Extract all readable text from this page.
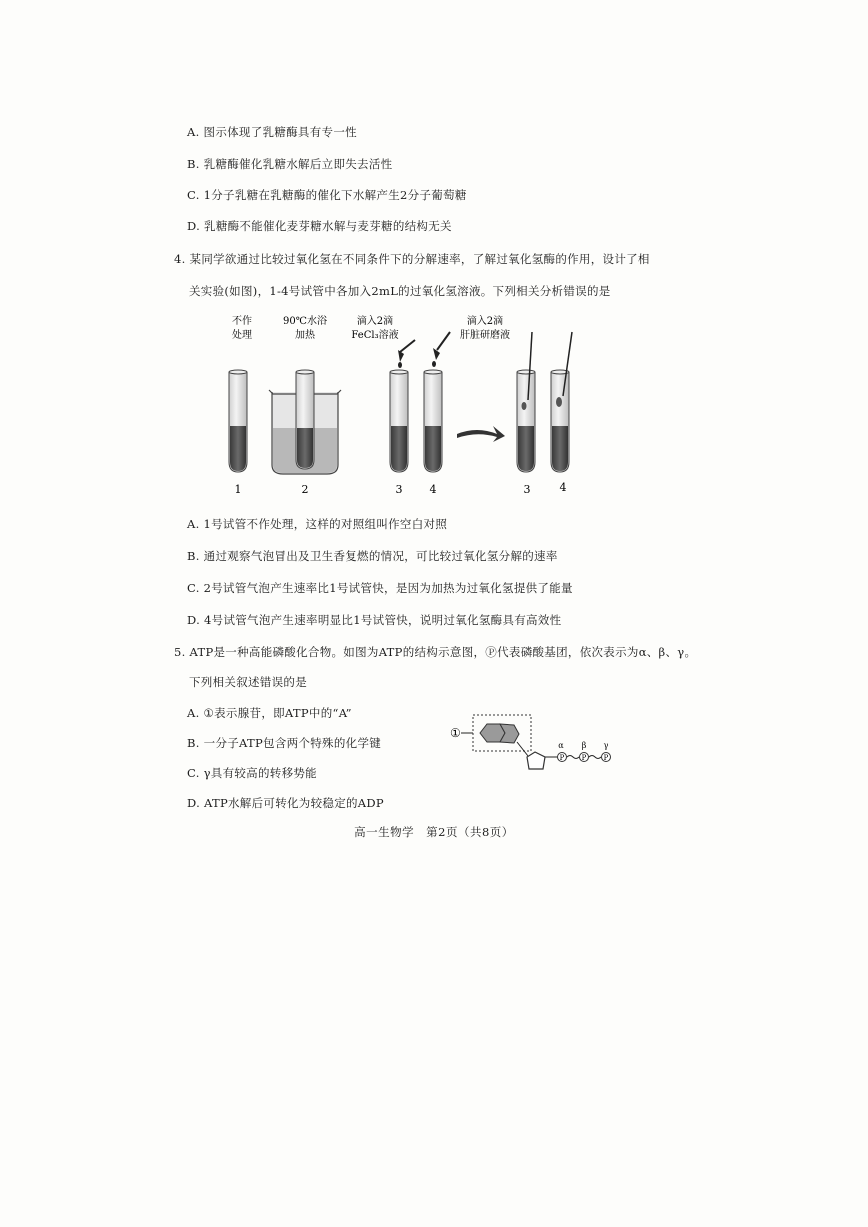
A. 图示体现了乳糖酶具有专一性
B. 乳糖酶催化乳糖水解后立即失去活性
C. 1分子乳糖在乳糖酶的催化下水解产生2分子葡萄糖
D. 乳糖酶不能催化麦芽糖水解与麦芽糖的结构无关
4. 某同学欲通过比较过氧化氢在不同条件下的分解速率，了解过氧化氢酶的作用，设计了相
关实验(如图)，1-4号试管中各加入2mL的过氧化氢溶液。下列相关分析错误的是
不作
处理
90℃水浴
加热
滴入2滴
FeCl₃溶液
滴入2滴
肝脏研磨液
1	2	3 4	3	4
A. 1号试管不作处理，这样的对照组叫作空白对照
B. 通过观察气泡冒出及卫生香复燃的情况，可比较过氧化氢分解的速率
C. 2号试管气泡产生速率比1号试管快，是因为加热为过氧化氢提供了能量
D. 4号试管气泡产生速率明显比1号试管快，说明过氧化氢酶具有高效性
5. ATP是一种高能磷酸化合物。如图为ATP的结构示意图，Ⓟ代表磷酸基团，依次表示为α、β、γ。
下列相关叙述错误的是
A. ①表示腺苷，即ATP中的“A”
B. 一分子ATP包含两个特殊的化学键
C. γ具有较高的转移势能
D. ATP水解后可转化为较稳定的ADP
①
α
P
β
P
γ
P
高一生物学　第2页（共8页）
